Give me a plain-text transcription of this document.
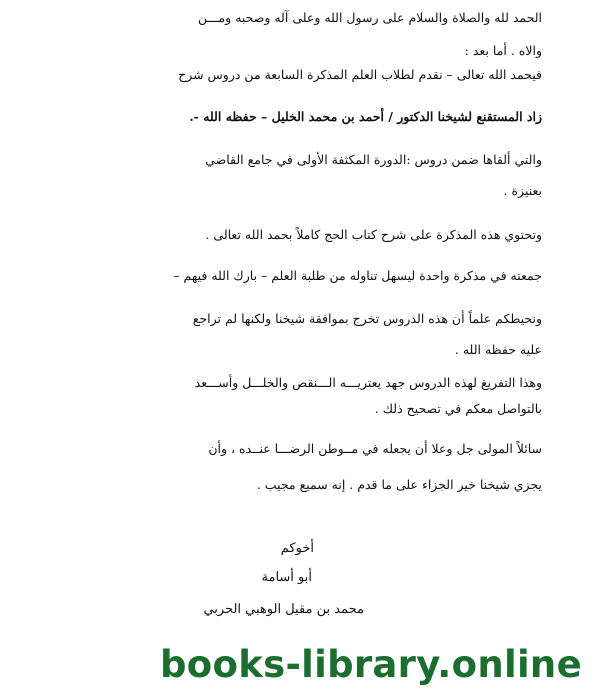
الحمد لله والصلاة والسلام على رسول الله وعلى آله وصحبه ومـــن
والاه . أما بعد :
فيحمد الله تعالى – نقدم لطلاب العلم المذكرة السابعة من دروس شرح
زاد المستقنع لشيخنا الدكتور / أحمد بن محمد الخليل – حفظه الله -.
والتي ألقاها ضمن دروس :الدورة المكثفة الأولى في جامع القاضي
بعنيزة .
وتحتوي هذه المذكرة على شرح كتاب الحج كاملاً بحمد الله تعالى .
جمعته في مذكرة واحدة ليسهل تناوله من طلبة العلم – بارك الله فيهم –
ونحيطكم علماً أن هذه الدروس تخرج بموافقة شيخنا ولكنها لم تراجع
عليه حفظه الله .
وهذا التفريغ لهذه الدروس جهد يعتريـــه الـــنقص والخلـــل وأســـعد
بالتواصل معكم في تصحيح ذلك .
سائلاً المولى جل وعلا أن يجعله في مــوطن الرضـــا عنــده ، وأن
يجزي شيخنا خير الجزاء على ما قدم . إنه سميع مجيب .
أخوكم
أبو أسامة
محمد بن مقيل الوهبي الحربي
books-library.online
